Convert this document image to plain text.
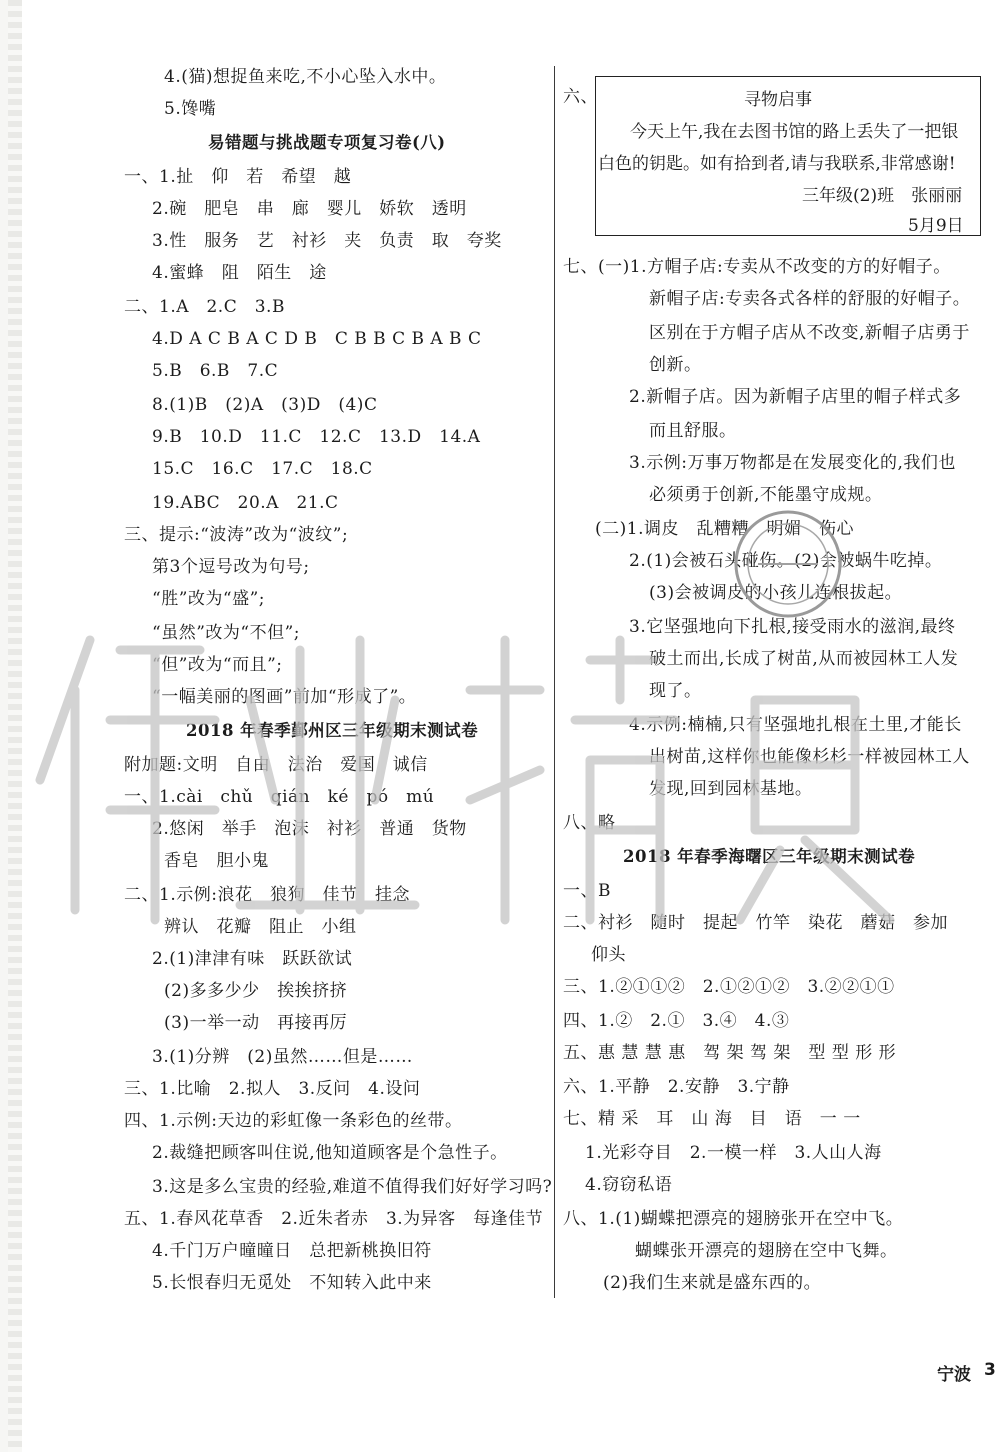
4.(猫)想捉鱼来吃,不小心坠入水中。
5.馋嘴
易错题与挑战题专项复习卷(八)
一、1.扯　仰　若　希望　越
2.碗　肥皂　串　廊　婴儿　娇软　透明
3.性　服务　艺　衬衫　夹　负责　取　夸奖
4.蜜蜂　阻　陌生　途
二、1.A　2.C　3.B
4.D A C B A C D B　C B B C B A B C
5.B　6.B　7.C
8.(1)B　(2)A　(3)D　(4)C
9.B　10.D　11.C　12.C　13.D　14.A
15.C　16.C　17.C　18.C
19.ABC　20.A　21.C
三、提示:“波涛”改为“波纹”;
第3个逗号改为句号;
“胜”改为“盛”;
“虽然”改为“不但”;
“但”改为“而且”;
“一幅美丽的图画”前加“形成了”。
2018 年春季鄞州区三年级期末测试卷
附加题:文明　自由　法治　爱国　诚信
一、1.cài　chǔ　qián　ké　pó　mú
2.悠闲　举手　泡沫　衬衫　普通　货物
香皂　胆小鬼
二、1.示例:浪花　狼狗　佳节　挂念
辨认　花瓣　阻止　小组
2.(1)津津有味　跃跃欲试
(2)多多少少　挨挨挤挤
(3)一举一动　再接再厉
3.(1)分辨　(2)虽然……但是……
三、1.比喻　2.拟人　3.反问　4.设问
四、1.示例:天边的彩虹像一条彩色的丝带。
2.裁缝把顾客叫住说,他知道顾客是个急性子。
3.这是多么宝贵的经验,难道不值得我们好好学习吗?
五、1.春风花草香　2.近朱者赤　3.为异客　每逢佳节
4.千门万户曈曈日　总把新桃换旧符
5.长恨春归无觅处　不知转入此中来
六、	寻物启事
今天上午,我在去图书馆的路上丢失了一把银
白色的钥匙。如有拾到者,请与我联系,非常感谢!
三年级(2)班　张丽丽
5月9日
七、(一)1.方帽子店:专卖从不改变的方的好帽子。
新帽子店:专卖各式各样的舒服的好帽子。
区别在于方帽子店从不改变,新帽子店勇于
创新。
2.新帽子店。因为新帽子店里的帽子样式多
而且舒服。
3.示例:万事万物都是在发展变化的,我们也
必须勇于创新,不能墨守成规。
(二)1.调皮　乱糟糟　明媚　伤心
2.(1)会被石头碰伤。(2)会被蜗牛吃掉。
(3)会被调皮的小孩儿连根拔起。
3.它坚强地向下扎根,接受雨水的滋润,最终
破土而出,长成了树苗,从而被园林工人发
现了。
4.示例:楠楠,只有坚强地扎根在土里,才能长
出树苗,这样你也能像杉杉一样被园林工人
发现,回到园林基地。
八、略
2018 年春季海曙区三年级期末测试卷
一、B
二、衬衫　随时　提起　竹竿　染花　蘑菇　参加
仰头
三、1.②①①②　2.①②①②　3.②②①①
四、1.②　2.①　3.④　4.③
五、惠 慧 慧 惠　驾 架 驾 架　型 型 形 形
六、1.平静　2.安静　3.宁静
七、精 采　耳　山 海　目　语　一 一
1.光彩夺目　2.一模一样　3.人山人海
4.窃窃私语
八、1.(1)蝴蝶把漂亮的翅膀张开在空中飞。
蝴蝶张开漂亮的翅膀在空中飞舞。
(2)我们生来就是盛东西的。
宁波 3
